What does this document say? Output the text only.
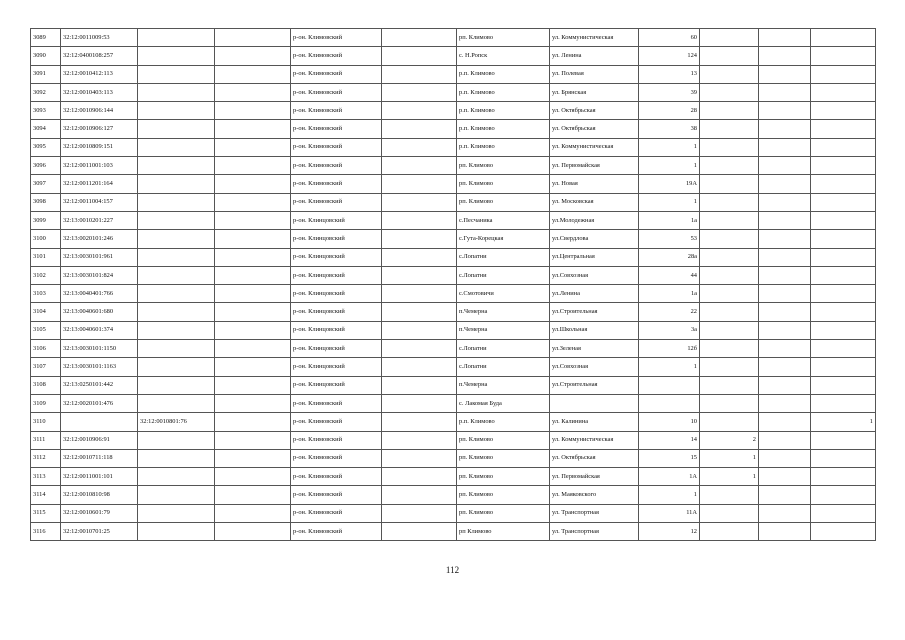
3089	32:12:0011009:53			р-он. Климовский		рп. Климово	ул. Коммунистическая	60			
3090	32:12:0400108:257			р-он. Климовский		с. Н.Ропск	ул. Ленина	124			
3091	32:12:0010412:113			р-он. Климовский		р.п. Климово	ул. Полевая	13			
3092	32:12:0010403:113			р-он. Климовский		р.п. Климово	ул. Брянская	39			
3093	32:12:0010906:144			р-он. Климовский		р.п. Климово	ул. Октябрьская	28			
3094	32:12:0010906:127			р-он. Климовский		р.п. Климово	ул. Октябрьская	38			
3095	32:12:0010809:151			р-он. Климовский		р.п. Климово	ул. Коммунистическая	1			
3096	32:12:0011001:103			р-он. Климовский		рп. Климово	ул. Первомайская	1			
3097	32:12:0011201:164			р-он. Климовский		рп. Климово	ул. Новая	19А			
3098	32:12:0011004:157			р-он. Климовский		рп. Климово	ул. Московская	1			
3099	32:13:0010201:227			р-он. Клинцовский		с.Песчаника	ул.Молодежная	1а			
3100	32:13:0020101:246			р-он. Клинцовский		с.Гута-Корецкая	ул.Свердлова	53			
3101	32:13:0030101:961			р-он. Клинцовский		с.Лопатни	ул.Центральная	28а			
3102	32:13:0030101:824			р-он. Клинцовский		с.Лопатни	ул.Совхозная	44			
3103	32:13:0040401:766			р-он. Клинцовский		с.Смотовичи	ул.Ленина	1а			
3104	32:13:0040601:680			р-он. Клинцовский		п.Чемерна	ул.Строительная	22			
3105	32:13:0040601:374			р-он. Клинцовский		п.Чемерна	ул.Школьная	3а			
3106	32:13:0030101:1150			р-он. Клинцовский		с.Лопатни	ул.Зеленая	12б			
3107	32:13:0030101:1163			р-он. Клинцовский		с.Лопатни	ул.Совхозная	1			
3108	32:13:0250101:442			р-он. Клинцовский		п.Чемерна	ул.Строительная				
3109	32:12:0020101:476			р-он. Климовский		с. Лакомая Буда					
3110		32:12:0010801:76		р-он. Климовский		р.п. Климово	ул. Калинина	10			1
3111	32:12:0010906:91			р-он. Климовский		рп. Климово	ул. Коммунистическая	14	2		
3112	32:12:0010711:118			р-он. Климовский		рп. Климово	ул. Октябрьская	15	1		
3113	32:12:0011001:101			р-он. Климовский		рп. Климово	ул. Первомайская	1А	1		
3114	32:12:0010810:98			р-он. Климовский		рп. Климово	ул. Маяковского	1			
3115	32:12:0010601:79			р-он. Климовский		рп. Климово	ул. Транспортная	11А			
3116	32:12:0010701:25			р-он. Климовский		рп Климово	ул. Транспортная	12			
112
